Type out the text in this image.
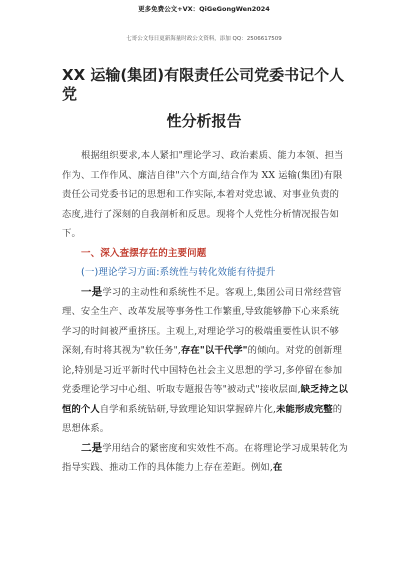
更多免费公文+VX：QiGeGongWen2024
七哥公文每日更新海量时政公文资料，添加 QQ：2506617509
XX 运输(集团)有限责任公司党委书记个人
党
性分析报告

根据组织要求,本人紧扣"理论学习、政治素质、能力本领、担当作为、工作作风、廉洁自律"六个方面,结合作为 XX 运输(集团)有限责任公司党委书记的思想和工作实际,本着对党忠诚、对事业负责的态度,进行了深刻的自我剖析和反思。现将个人党性分析情况报告如下。

一、深入查摆存在的主要问题

(一)理论学习方面:系统性与转化效能有待提升

一是学习的主动性和系统性不足。客观上,集团公司日常经营管理、安全生产、改革发展等事务性工作繁重,导致能够静下心来系统学习的时间被严重挤压。主观上,对理论学习的极端重要性认识不够深刻,有时将其视为"软任务",存在"以干代学"的倾向。对党的创新理论,特别是习近平新时代中国特色社会主义思想的学习,多停留在参加党委理论学习中心组、听取专题报告等"被动式"接收层面,缺乏持之以恒的个人自学和系统钻研,导致理论知识掌握碎片化,未能形成完整的思想体系。

二是学用结合的紧密度和实效性不高。在将理论学习成果转化为指导实践、推动工作的具体能力上存在差距。例如,在
